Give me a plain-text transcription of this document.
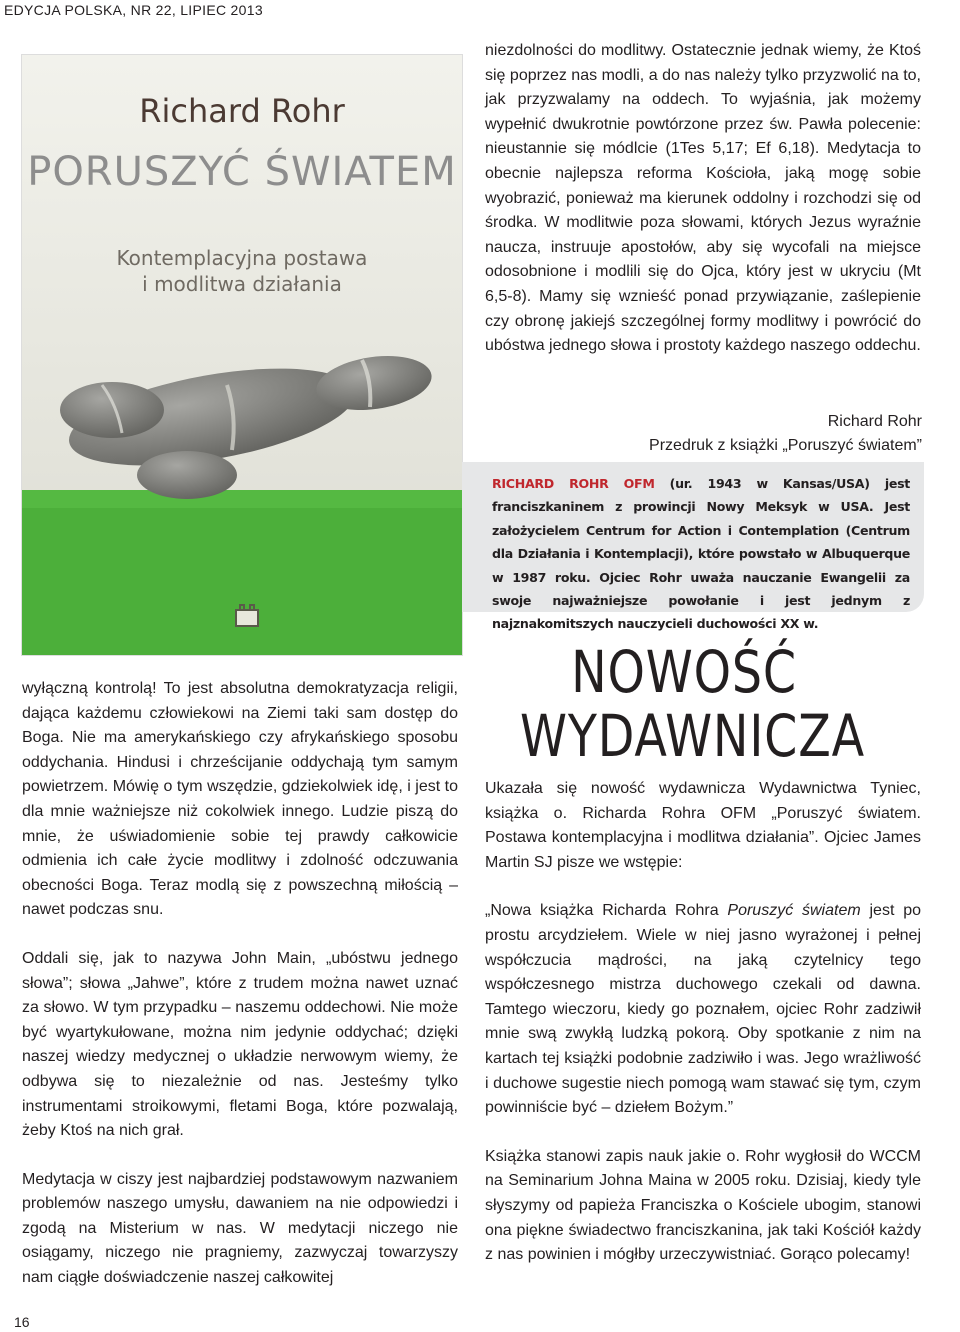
EDYCJA POLSKA, NR 22, LIPIEC 2013
Richard Rohr
PORUSZYĆ ŚWIATEM
Kontemplacyjna postawa
i modlitwa działania

niezdolności do modlitwy. Ostatecznie jednak wiemy, że Ktoś się poprzez nas modli, a do nas należy tylko przyzwolić na to, jak przyzwalamy na oddech. To wyjaśnia, jak możemy wypełnić dwukrotnie powtórzone przez św. Pawła polecenie: nieustannie się módlcie (1Tes 5,17; Ef 6,18). Medytacja to obecnie najlepsza reforma Kościoła, jaką mogę sobie wyobrazić, ponieważ ma kierunek oddolny i rozchodzi się od środka. W modlitwie poza słowami, których Jezus wyraźnie naucza, instruuje apostołów, aby się wycofali na miejsce odosobnione i modlili się do Ojca, który jest w ukryciu (Mt 6,5-8). Mamy się wznieść ponad przywiązanie, zaślepienie czy obronę jakiejś szczególnej formy modlitwy i powrócić do ubóstwa jednego słowa i prostoty każdego naszego oddechu.

Richard Rohr
Przedruk z książki „Poruszyć światem”
RICHARD ROHR OFM (ur. 1943 w Kansas/USA) jest franciszkaninem z prowincji Nowy Meksyk w USA. Jest założycielem Centrum for Action i Contemplation (Centrum dla Działania i Kontemplacji), które powstało w Albuquerque w 1987 roku. Ojciec Rohr uważa nauczanie Ewangelii za swoje najważniejsze powołanie i jest jednym z najznakomitszych nauczycieli duchowości XX w.

wyłączną kontrolą! To jest absolutna demokratyzacja religii, dająca każdemu człowiekowi na Ziemi taki sam dostęp do Boga. Nie ma amerykańskiego czy afrykańskiego sposobu oddychania. Hindusi i chrześcijanie oddychają tym samym powietrzem. Mówię o tym wszędzie, gdziekolwiek idę, i jest to dla mnie ważniejsze niż cokolwiek innego. Ludzie piszą do mnie, że uświadomienie sobie tej prawdy całkowicie odmienia ich całe życie modlitwy i zdolność odczuwania obecności Boga. Teraz modlą się z powszechną miłością – nawet podczas snu.

Oddali się, jak to nazywa John Main, „ubóstwu jednego słowa”; słowa „Jahwe”, które z trudem można nawet uznać za słowo. W tym przypadku – naszemu oddechowi. Nie może być wyartykułowane, można nim jedynie oddychać; dzięki naszej wiedzy medycznej o układzie nerwowym wiemy, że odbywa się to niezależnie od nas. Jesteśmy tylko instrumentami stroikowymi, fletami Boga, które pozwalają, żeby Ktoś na nich grał.

Medytacja w ciszy jest najbardziej podstawowym nazwaniem problemów naszego umysłu, dawaniem na nie odpowiedzi i zgodą na Misterium w nas. W medytacji niczego nie osiągamy, niczego nie pragniemy, zazwyczaj towarzyszy nam ciągłe doświadczenie naszej całkowitej

NOWOŚĆ
WYDAWNICZA

Ukazała się nowość wydawnicza Wydawnictwa Tyniec, książka o. Richarda Rohra OFM „Poruszyć światem. Postawa kontemplacyjna i modlitwa działania”. Ojciec James Martin SJ pisze we wstępie:

„Nowa książka Richarda Rohra Poruszyć światem jest po prostu arcydziełem. Wiele w niej jasno wyrażonej i pełnej współczucia mądrości, na jaką czytelnicy tego współczesnego mistrza duchowego czekali od dawna. Tamtego wieczoru, kiedy go poznałem, ojciec Rohr zadziwił mnie swą zwykłą ludzką pokorą. Oby spotkanie z nim na kartach tej książki podobnie zadziwiło i was. Jego wrażliwość i duchowe sugestie niech pomogą wam stawać się tym, czym powinniście być – dziełem Bożym.”

Książka stanowi zapis nauk jakie o. Rohr wygłosił do WCCM na Seminarium Johna Maina w 2005 roku. Dzisiaj, kiedy tyle słyszymy od papieża Franciszka o Kościele ubogim, stanowi ona piękne świadectwo franciszkanina, jak taki Kościół każdy z nas powinien i mógłby urzeczywistniać. Gorąco polecamy!

16
